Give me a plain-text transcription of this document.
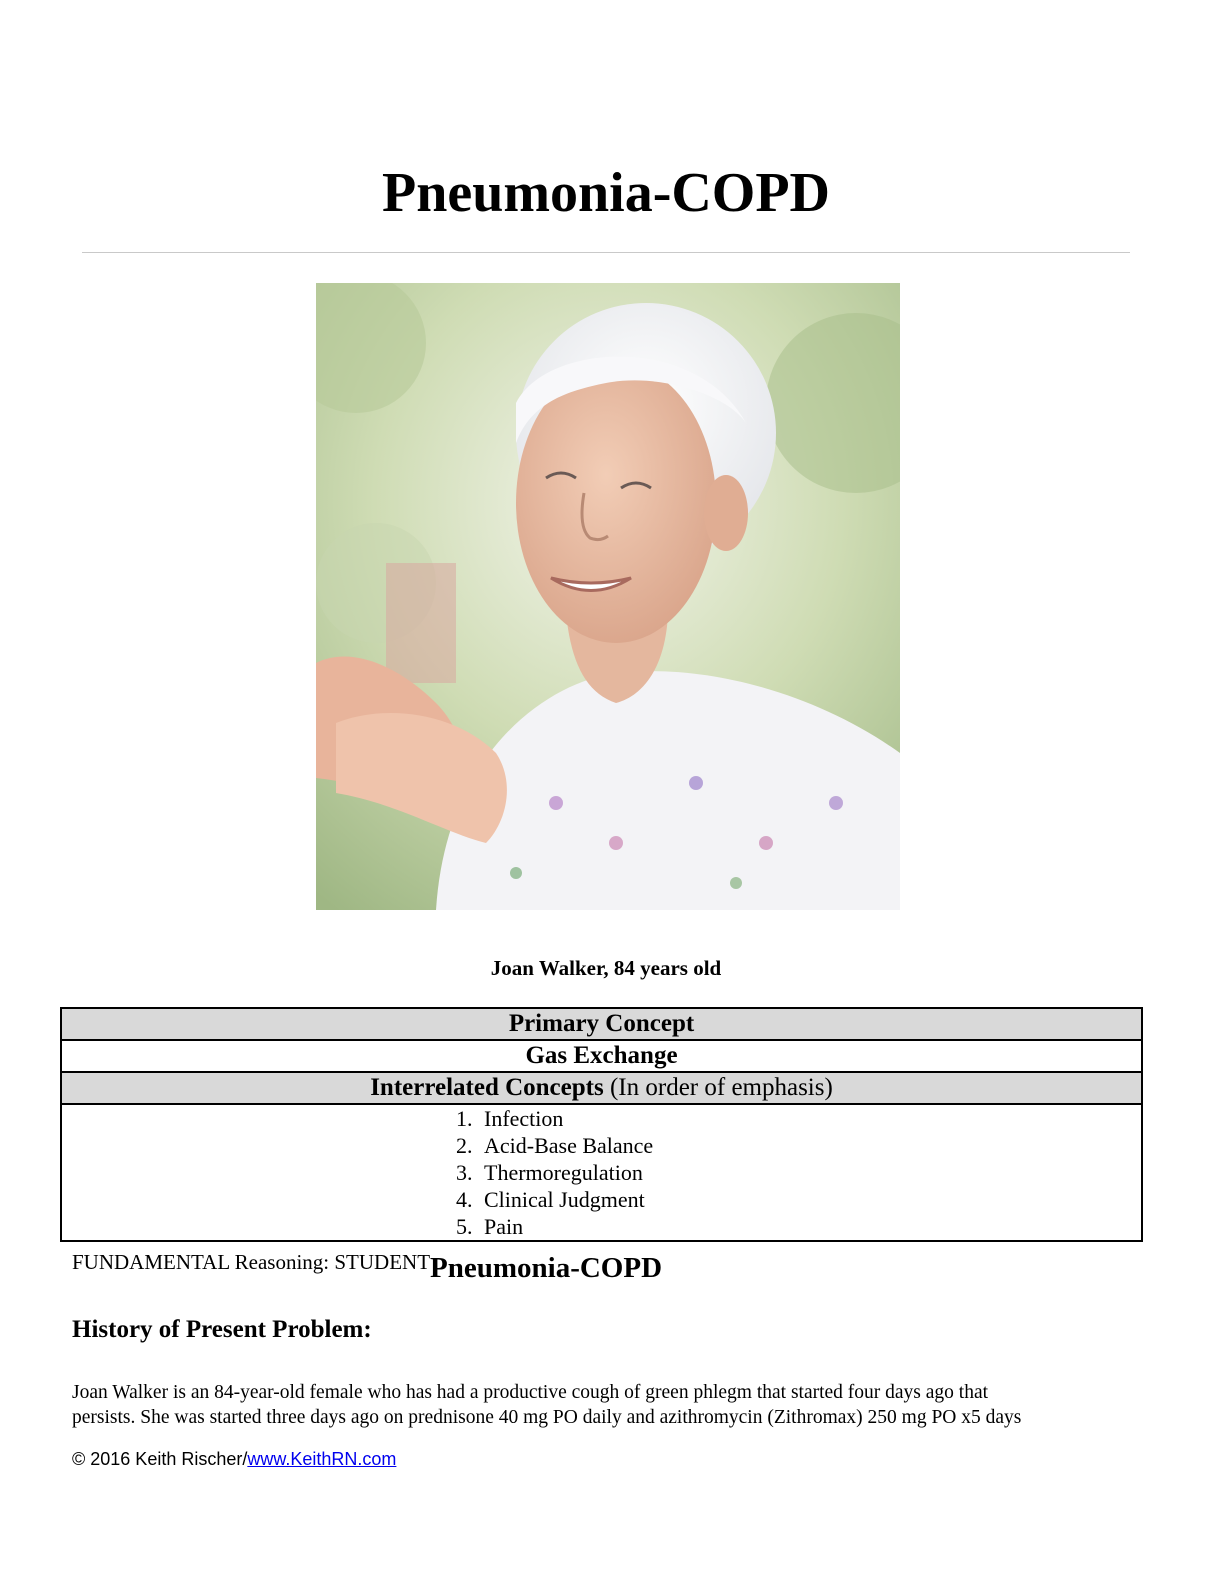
Pneumonia-COPD
Joan Walker, 84 years old
Primary Concept
Gas Exchange
Interrelated Concepts (In order of emphasis)

1. Infection
2. Acid-Base Balance
3. Thermoregulation
4. Clinical Judgment
5. Pain
FUNDAMENTAL Reasoning: STUDENTPneumonia-COPD
History of Present Problem:

Joan Walker is an 84-year-old female who has had a productive cough of green phlegm that started four days ago that

persists. She was started three days ago on prednisone 40 mg PO daily and azithromycin (Zithromax) 250 mg PO x5 days

© 2016 Keith Rischer/www.KeithRN.com
